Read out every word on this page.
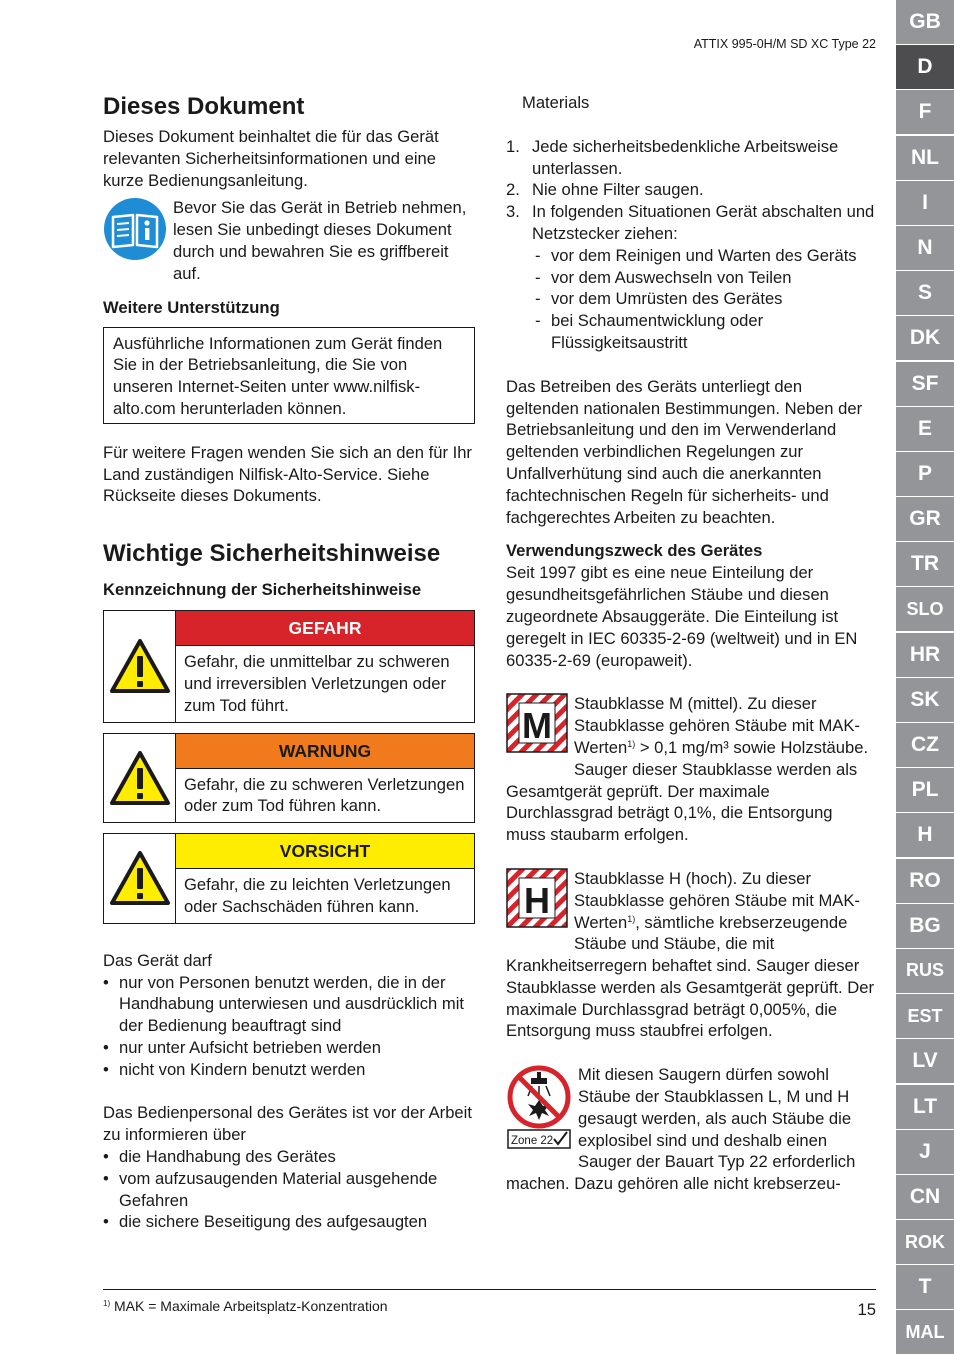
ATTIX 995-0H/M SD XC Type 22
Dieses Dokument

Dieses Dokument beinhaltet die für das Gerät relevanten Sicherheitsinformationen und eine kurze Bedienungsanleitung.

Bevor Sie das Gerät in Betrieb nehmen, lesen Sie unbedingt dieses Dokument durch und bewahren Sie es griffbereit auf.
Weitere Unterstützung
Ausführliche Informationen zum Gerät finden Sie in der Betriebsanleitung, die Sie von unseren Internet-Seiten unter www.nilfisk-alto.com herunterladen können.

Für weitere Fragen wenden Sie sich an den für Ihr Land zuständigen Nilfisk-Alto-Service. Siehe Rückseite dieses Dokuments.

Wichtige Sicherheitshinweise
Kennzeichnung der Sicherheitshinweise
GEFAHR
Gefahr, die unmittelbar zu schweren und irreversiblen Verletzungen oder zum Tod führt.
WARNUNG
Gefahr, die zu schweren Verletzungen oder zum Tod führen kann.
VORSICHT
Gefahr, die zu leichten Verletzungen oder Sachschäden führen kann.

Das Gerät darf

• nur von Personen benutzt werden, die in der Handhabung unterwiesen und ausdrücklich mit der Bedienung beauftragt sind
• nur unter Aufsicht betrieben werden
• nicht von Kindern benutzt werden

Das Bedienpersonal des Gerätes ist vor der Arbeit zu informieren über

• die Handhabung des Gerätes
• vom aufzusaugenden Material ausgehende Gefahren
• die sichere Beseitigung des aufgesaugten

Materials

1. Jede sicherheitsbedenkliche Arbeitsweise unterlassen.
2. Nie ohne Filter saugen.
3. In folgenden Situationen Gerät abschalten und Netzstecker ziehen:
- vor dem Reinigen und Warten des Geräts
- vor dem Auswechseln von Teilen
- vor dem Umrüsten des Gerätes
- bei Schaumentwicklung oder Flüssigkeitsaustritt

Das Betreiben des Geräts unterliegt den geltenden nationalen Bestimmungen. Neben der Betriebsanleitung und den im Verwenderland geltenden verbindlichen Regelungen zur Unfallverhütung sind auch die anerkannten fachtechnischen Regeln für sicherheits- und fachgerechtes Arbeiten zu beachten.

Verwendungszweck des Gerätes

Seit 1997 gibt es eine neue Einteilung der gesundheitsgefährlichen Stäube und diesen zugeordnete Absauggeräte. Die Einteilung ist geregelt in IEC 60335-2-69 (weltweit) und in EN 60335-2-69 (europaweit).

M
Staubklasse M (mittel). Zu dieser Staubklasse gehören Stäube mit MAK-Werten$^{1)}$ > 0,1 mg/m³ sowie Holzstäube. Sauger dieser Staubklasse werden als Gesamtgerät geprüft. Der maximale Durchlassgrad beträgt 0,1%, die Entsorgung muss staubarm erfolgen.
H
Staubklasse H (hoch). Zu dieser Staubklasse gehören Stäube mit MAK-Werten$^{1)}$, sämtliche krebserzeugende Stäube und Stäube, die mit Krankheitserregern behaftet sind. Sauger dieser Staubklasse werden als Gesamtgerät geprüft. Der maximale Durchlassgrad beträgt 0,005%, die Entsorgung muss staubfrei erfolgen.
Zone 22
Mit diesen Saugern dürfen sowohl Stäube der Staubklassen L, M und H gesaugt werden, als auch Stäube die explosibel sind und deshalb einen Sauger der Bauart Typ 22 erforderlich machen. Dazu gehören alle nicht krebserzeu-
$^{1)}$ MAK = Maximale Arbeitsplatz-Konzentration	15
GB
D
F
NL
I
N
S
DK
SF
E
P
GR
TR
SLO
HR
SK
CZ
PL
H
RO
BG
RUS
EST
LV
LT
J
CN
ROK
T
MAL
